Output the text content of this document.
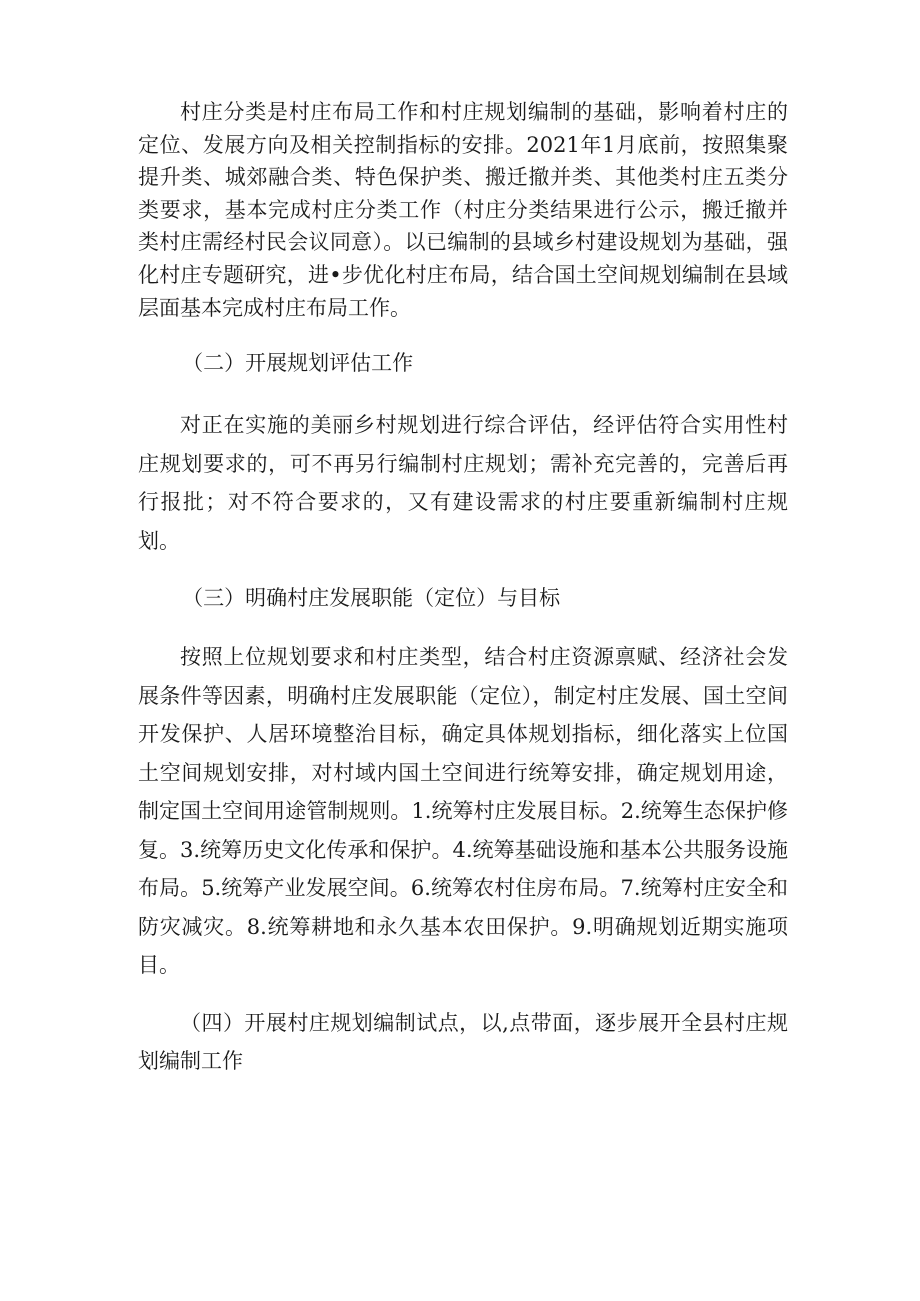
村庄分类是村庄布局工作和村庄规划编制的基础，影响着村庄的定位、发展方向及相关控制指标的安排。2021年1月底前，按照集聚提升类、城郊融合类、特色保护类、搬迁撤并类、其他类村庄五类分类要求，基本完成村庄分类工作（村庄分类结果进行公示，搬迁撤并类村庄需经村民会议同意）。以已编制的县域乡村建设规划为基础，强化村庄专题研究，进•步优化村庄布局，结合国土空间规划编制在县域层面基本完成村庄布局工作。

（二）开展规划评估工作

对正在实施的美丽乡村规划进行综合评估，经评估符合实用性村庄规划要求的，可不再另行编制村庄规划；需补充完善的，完善后再行报批；对不符合要求的，又有建设需求的村庄要重新编制村庄规划。

（三）明确村庄发展职能（定位）与目标

按照上位规划要求和村庄类型，结合村庄资源禀赋、经济社会发展条件等因素，明确村庄发展职能（定位），制定村庄发展、国土空间开发保护、人居环境整治目标，确定具体规划指标，细化落实上位国土空间规划安排，对村域内国土空间进行统筹安排，确定规划用途，制定国土空间用途管制规则。1.统筹村庄发展目标。2.统筹生态保护修复。3.统筹历史文化传承和保护。4.统筹基础设施和基本公共服务设施布局。5.统筹产业发展空间。6.统筹农村住房布局。7.统筹村庄安全和防灾减灾。8.统筹耕地和永久基本农田保护。9.明确规划近期实施项目。

（四）开展村庄规划编制试点，以,点带面，逐步展开全县村庄规划编制工作
